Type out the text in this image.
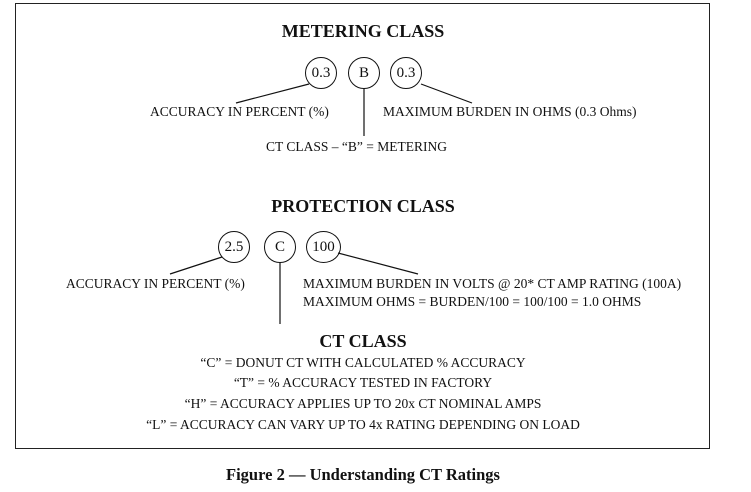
METERING CLASS
0.3	B	0.3
ACCURACY IN PERCENT (%)	MAXIMUM BURDEN IN OHMS (0.3 Ohms)
CT CLASS – “B” = METERING
PROTECTION CLASS
2.5	C	100
ACCURACY IN PERCENT (%)	MAXIMUM BURDEN IN VOLTS @ 20* CT AMP RATING (100A)
MAXIMUM OHMS = BURDEN/100 = 100/100 = 1.0 OHMS
CT CLASS
“C” = DONUT CT WITH CALCULATED % ACCURACY
“T” = % ACCURACY TESTED IN FACTORY
“H” = ACCURACY APPLIES UP TO 20x CT NOMINAL AMPS
“L” = ACCURACY CAN VARY UP TO 4x RATING DEPENDING ON LOAD
Figure 2 — Understanding CT Ratings
